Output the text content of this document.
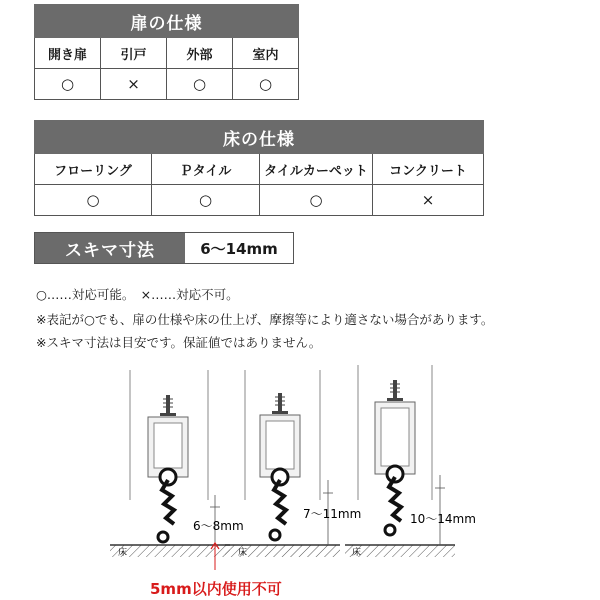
扉の仕様			
開き扉	引戸	外部	室内
○	×	○	○
床の仕様			
フローリング	Ｐタイル	タイルカーペット	コンクリート
○	○	○	×
スキマ寸法	6～14mm
○……対応可能。　×……対応不可。
※表記が○でも、扉の仕様や床の仕上げ、摩擦等により適さない場合があります。
※スキマ寸法は目安です。保証値ではありません。
床
6～8mm
床
7～11mm
床
10～14mm
5mm以内使用不可
